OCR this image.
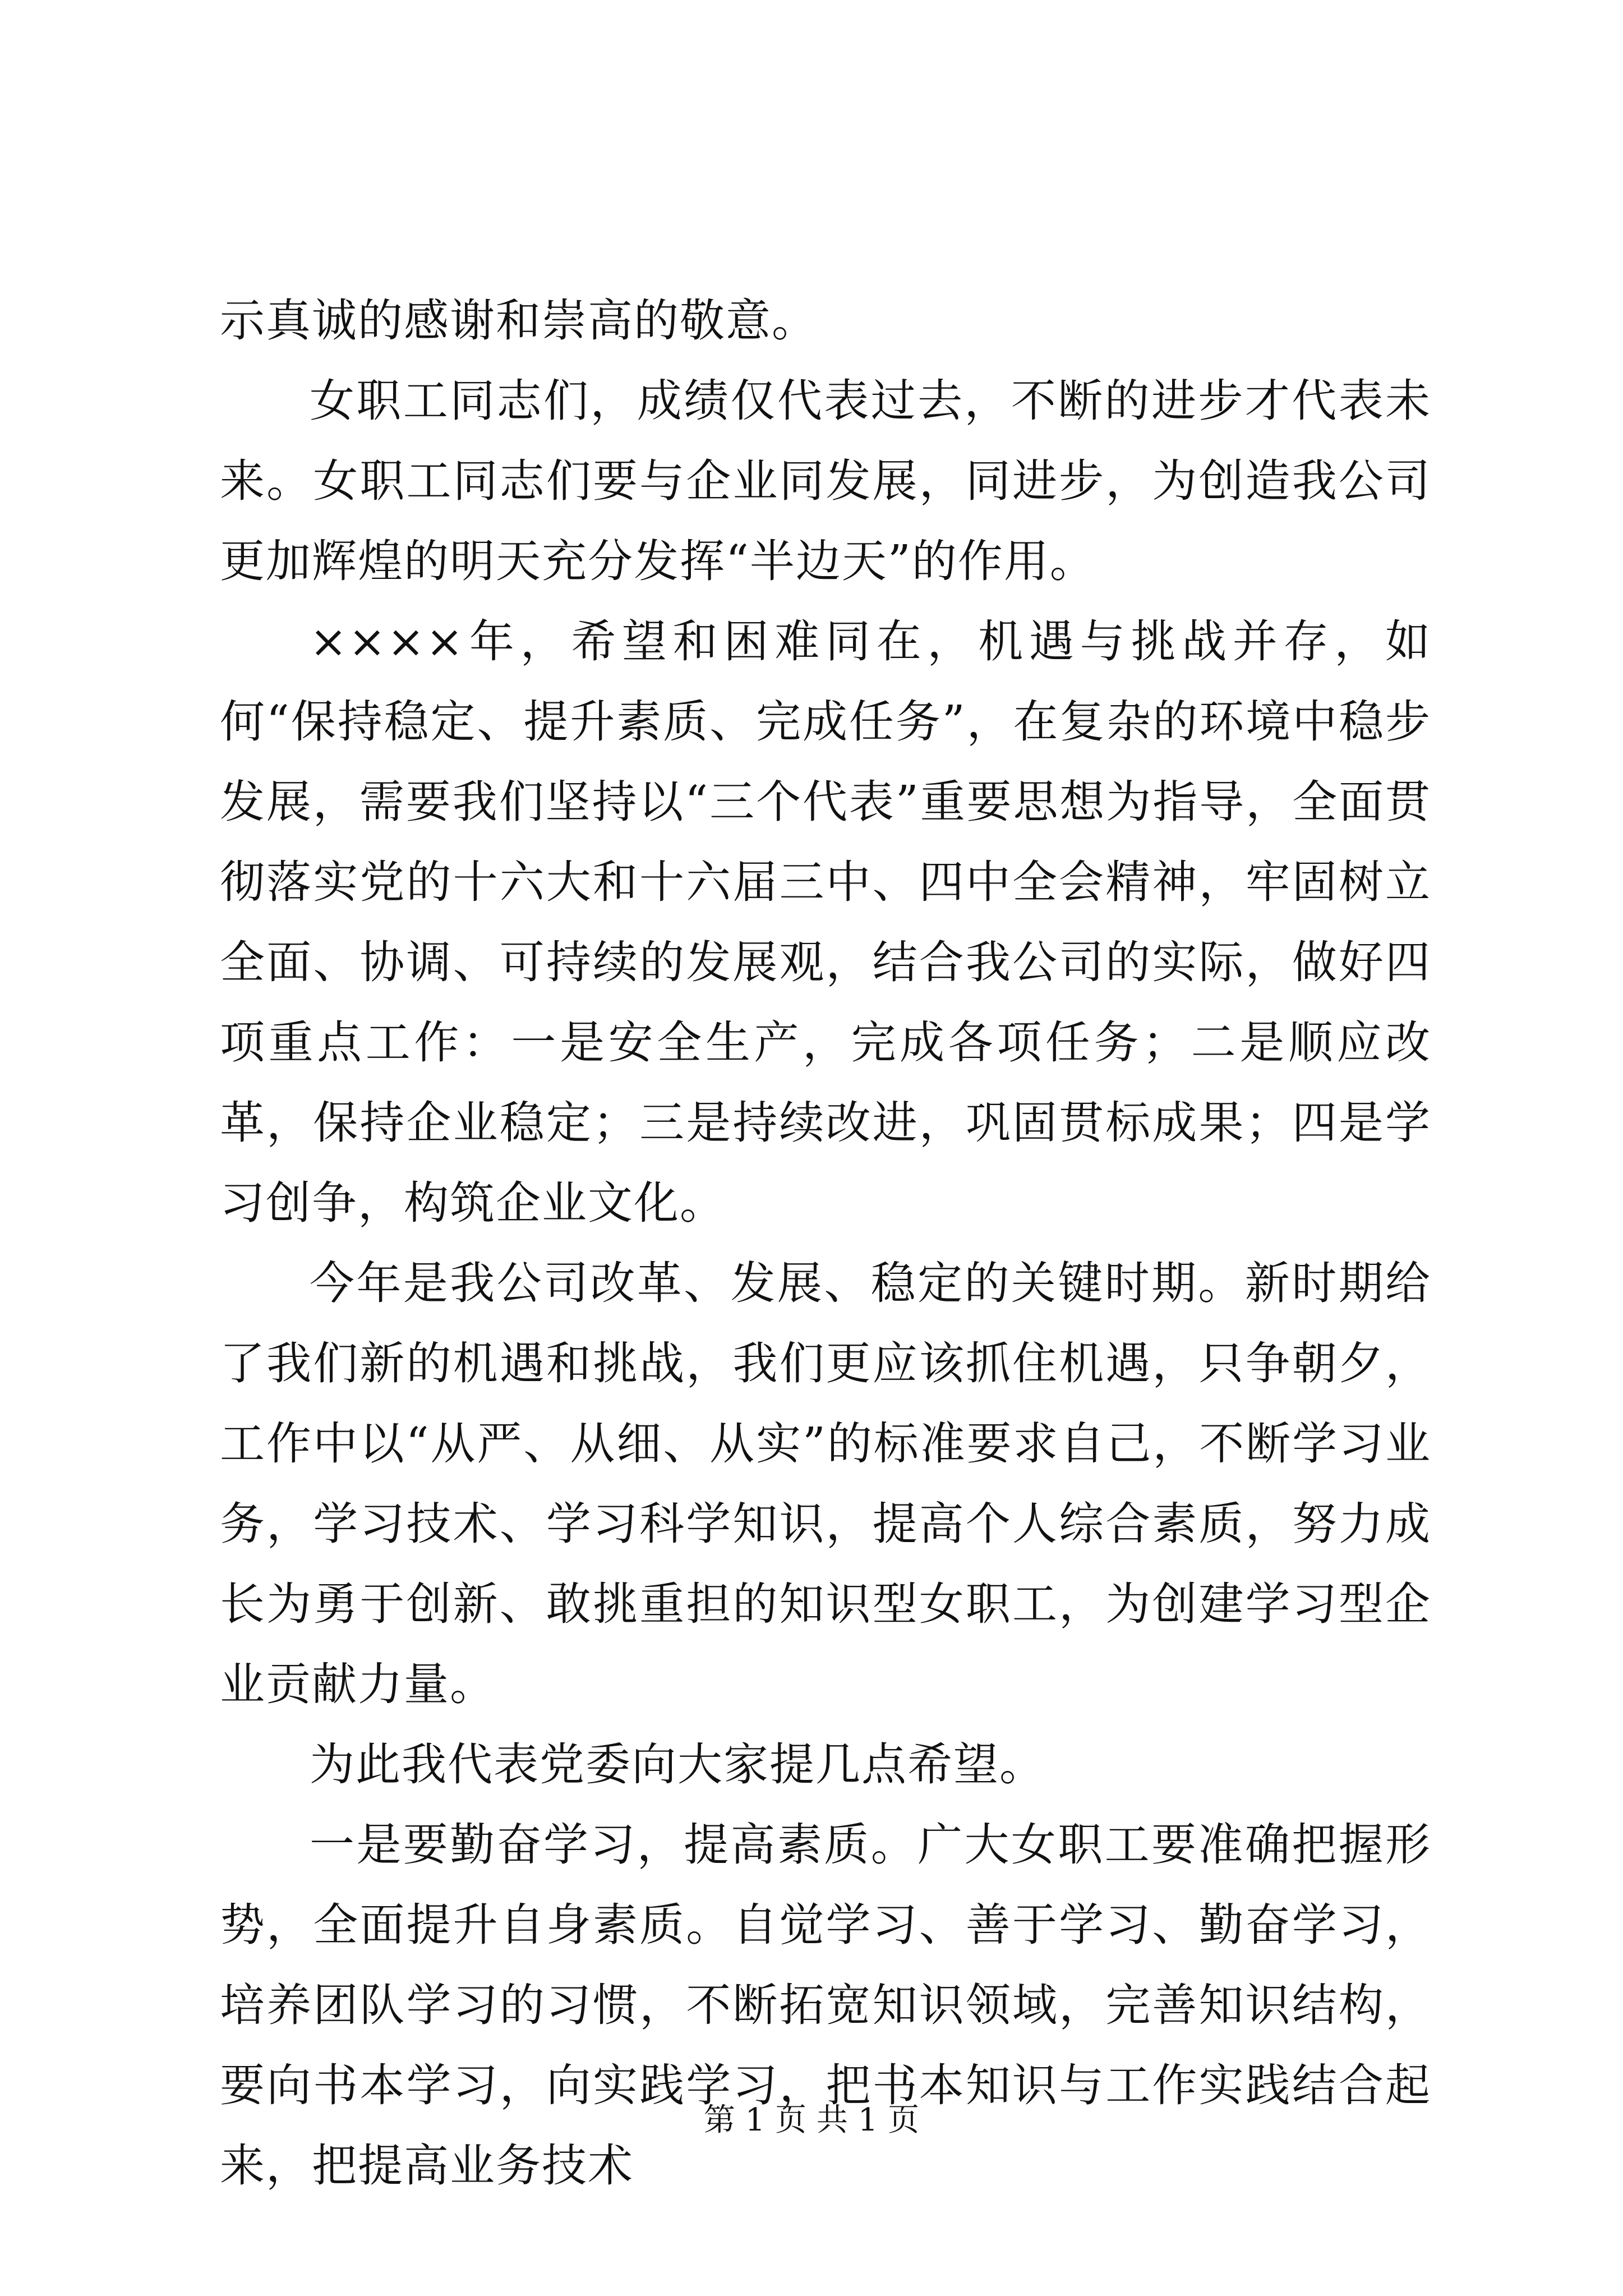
示真诚的感谢和崇高的敬意。

女职工同志们，成绩仅代表过去，不断的进步才代表未来。女职工同志们要与企业同发展，同进步，为创造我公司更加辉煌的明天充分发挥“半边天”的作用。

××××年，希望和困难同在，机遇与挑战并存，如何“保持稳定、提升素质、完成任务”，在复杂的环境中稳步发展，需要我们坚持以“三个代表”重要思想为指导，全面贯彻落实党的十六大和十六届三中、四中全会精神，牢固树立全面、协调、可持续的发展观，结合我公司的实际，做好四项重点工作：一是安全生产，完成各项任务；二是顺应改革，保持企业稳定；三是持续改进，巩固贯标成果；四是学习创争，构筑企业文化。

今年是我公司改革、发展、稳定的关键时期。新时期给了我们新的机遇和挑战，我们更应该抓住机遇，只争朝夕，工作中以“从严、从细、从实”的标准要求自己，不断学习业务，学习技术、学习科学知识，提高个人综合素质，努力成长为勇于创新、敢挑重担的知识型女职工，为创建学习型企业贡献力量。

为此我代表党委向大家提几点希望。

一是要勤奋学习，提高素质。广大女职工要准确把握形势，全面提升自身素质。自觉学习、善于学习、勤奋学习，培养团队学习的习惯，不断拓宽知识领域，完善知识结构，要向书本学习，向实践学习，把书本知识与工作实践结合起来，把提高业务技术

第 1 页 共 1 页
